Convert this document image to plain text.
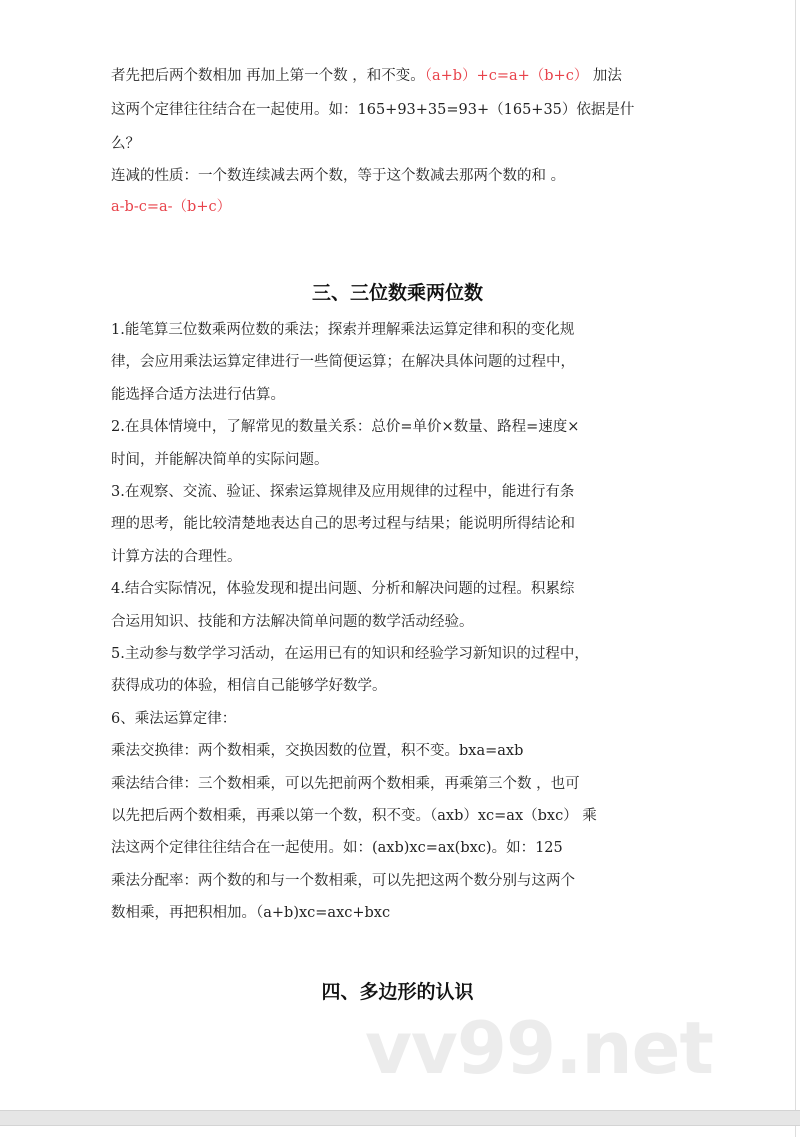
者先把后两个数相加 再加上第一个数 ，和不变。（a+b）+c=a+（b+c） 加法
这两个定律往往结合在一起使用。如：165+93+35=93+（165+35）依据是什
么？
连减的性质：一个数连续减去两个数，等于这个数减去那两个数的和 。
a-b-c=a-（b+c）
三、三位数乘两位数
1.能笔算三位数乘两位数的乘法；探索并理解乘法运算定律和积的变化规
律，会应用乘法运算定律进行一些简便运算；在解决具体问题的过程中，
能选择合适方法进行估算。
2.在具体情境中，了解常见的数量关系：总价=单价×数量、路程=速度×
时间，并能解决简单的实际问题。
3.在观察、交流、验证、探索运算规律及应用规律的过程中，能进行有条
理的思考，能比较清楚地表达自己的思考过程与结果；能说明所得结论和
计算方法的合理性。
4.结合实际情况，体验发现和提出问题、分析和解决问题的过程。积累综
合运用知识、技能和方法解决简单问题的数学活动经验。
5.主动参与数学学习活动，在运用已有的知识和经验学习新知识的过程中，
获得成功的体验，相信自己能够学好数学。
6、乘法运算定律：
乘法交换律：两个数相乘，交换因数的位置，积不变。bxa=axb
乘法结合律：三个数相乘，可以先把前两个数相乘，再乘第三个数 ，也可
以先把后两个数相乘，再乘以第一个数，积不变。（axb）xc=ax（bxc） 乘
法这两个定律往往结合在一起使用。如：(axb)xc=ax(bxc)。如：125
乘法分配率：两个数的和与一个数相乘，可以先把这两个数分别与这两个
数相乘，再把积相加。（a+b)xc=axc+bxc
四、多边形的认识
vv99.net
